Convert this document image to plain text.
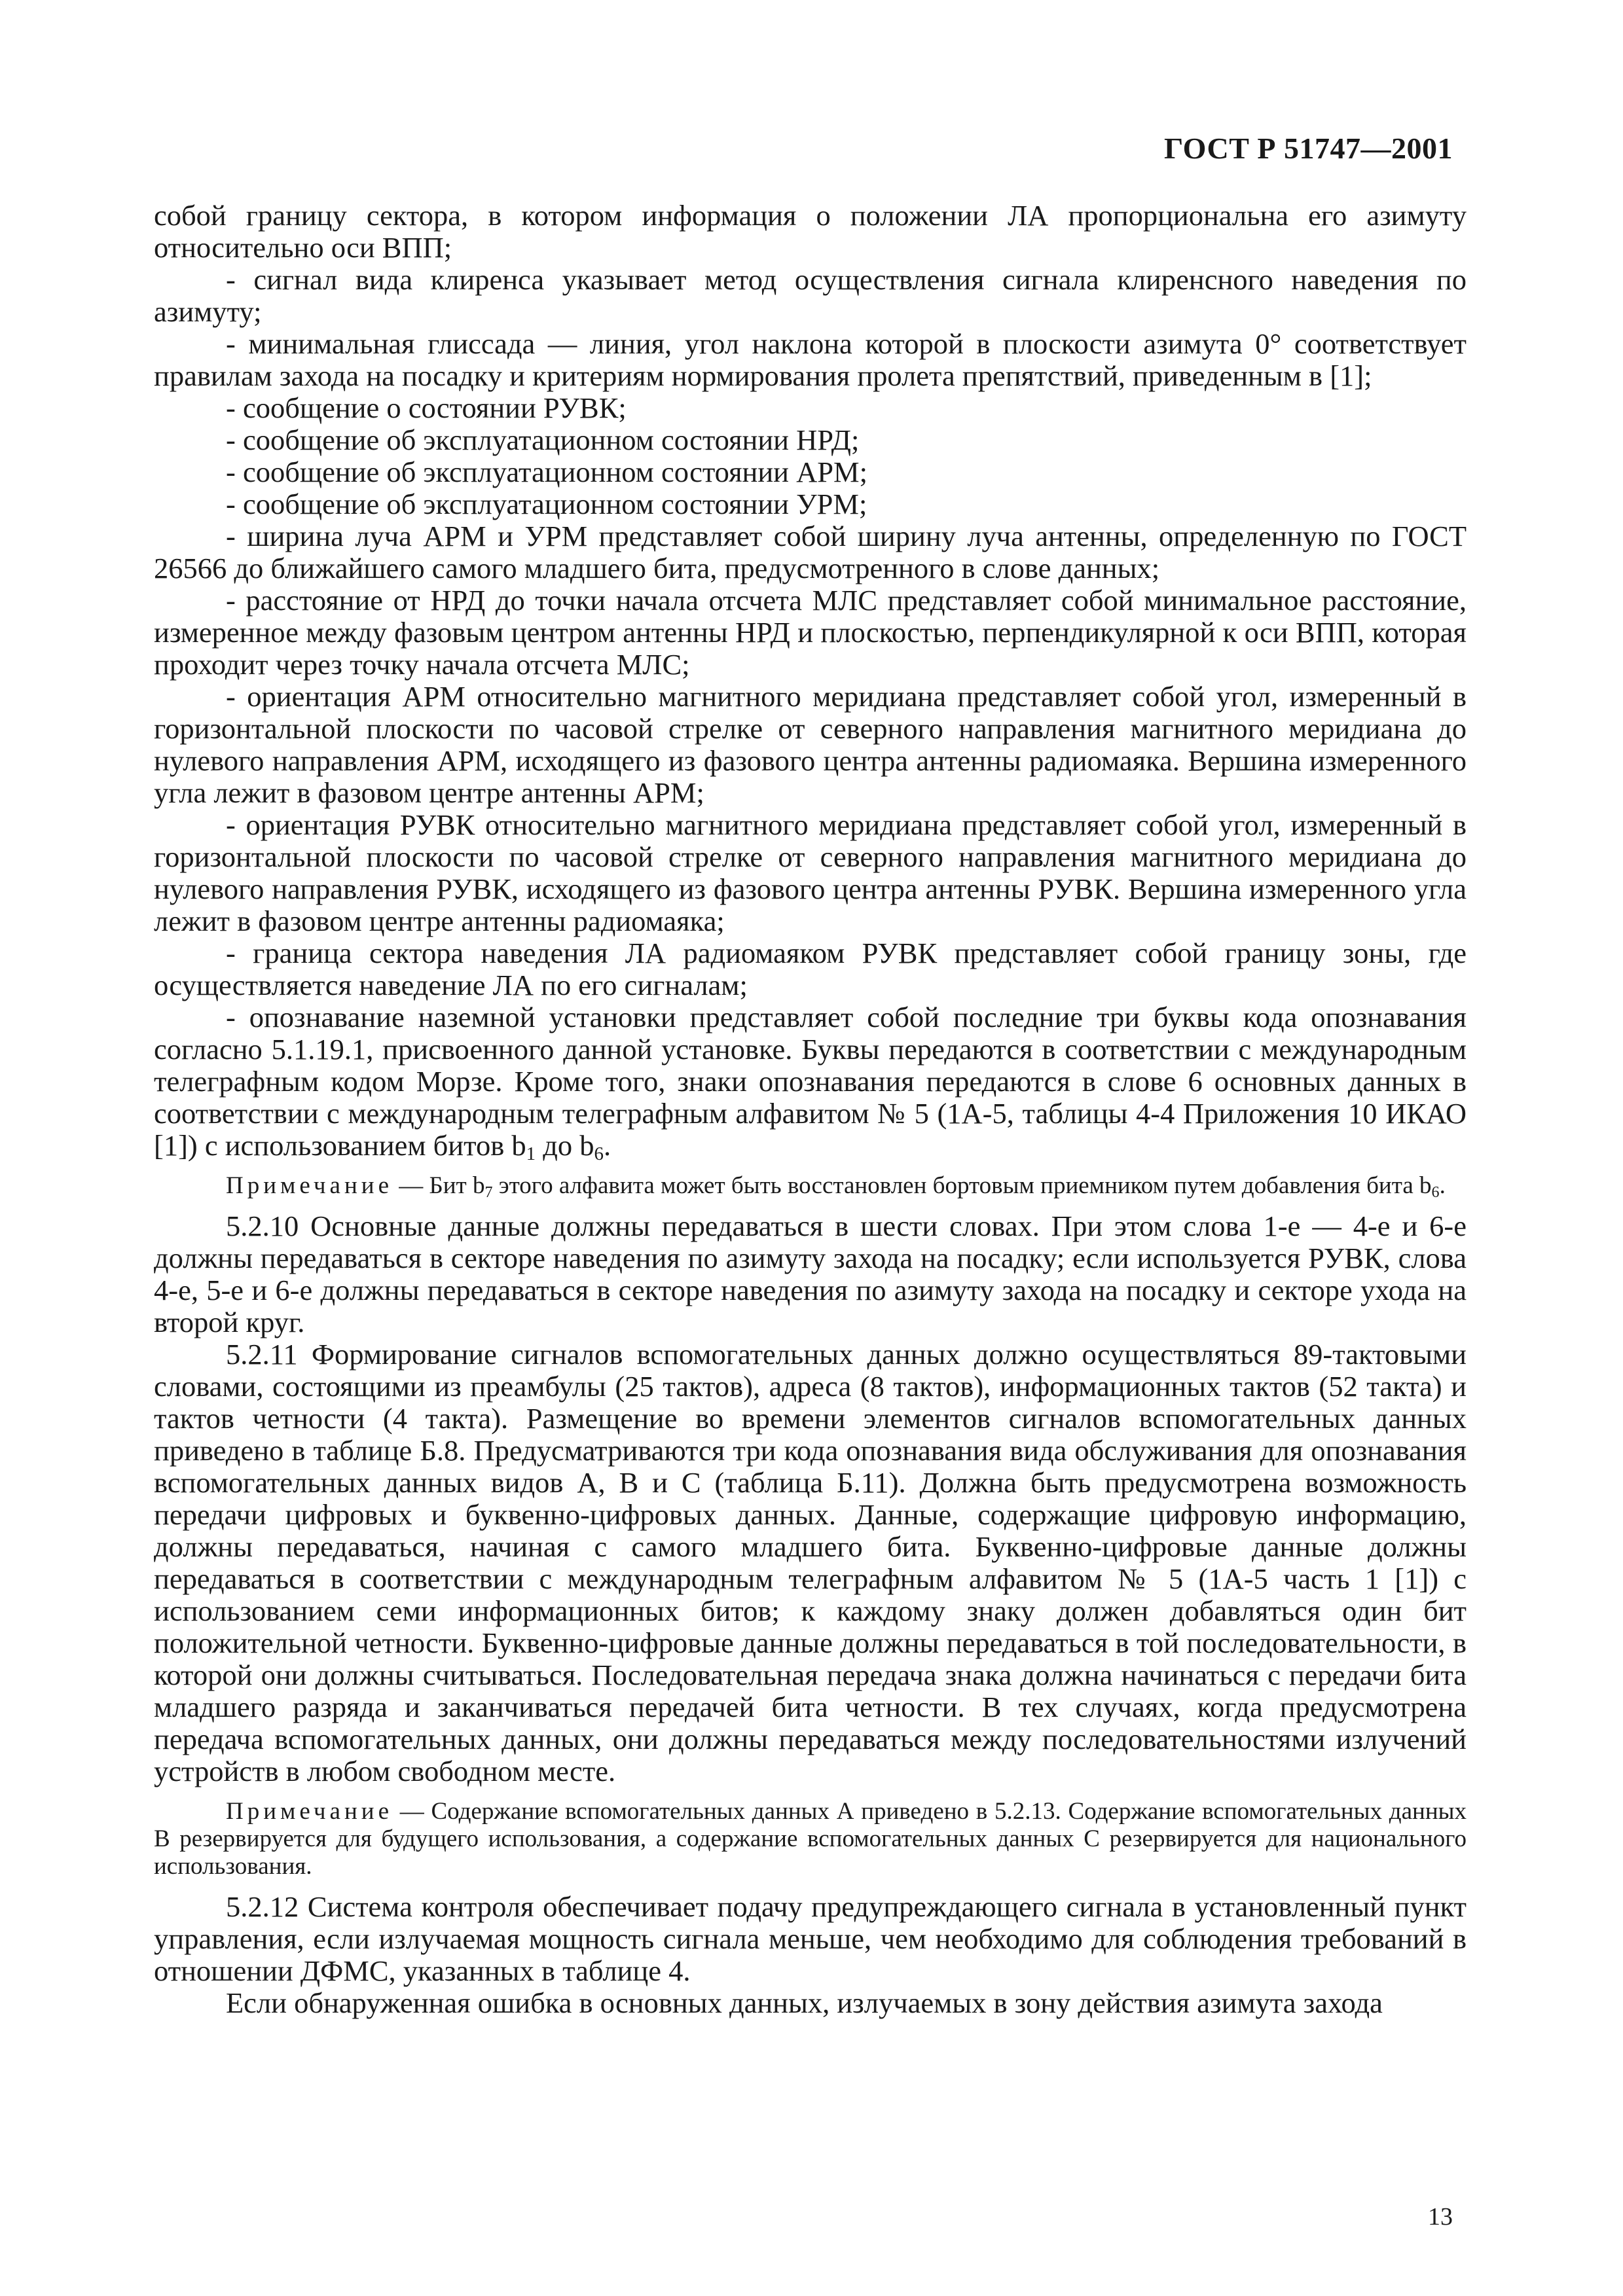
ГОСТ Р 51747—2001

собой границу сектора, в котором информация о положении ЛА пропорциональна его азимуту относительно оси ВПП;

- сигнал вида клиренса указывает метод осуществления сигнала клиренсного наведения по азимуту;

- минимальная глиссада — линия, угол наклона которой в плоскости азимута 0° соответствует правилам захода на посадку и критериям нормирования пролета препятствий, приведенным в [1];

- сообщение о состоянии РУВК;

- сообщение об эксплуатационном состоянии НРД;

- сообщение об эксплуатационном состоянии АРМ;

- сообщение об эксплуатационном состоянии УРМ;

- ширина луча АРМ и УРМ представляет собой ширину луча антенны, определенную по ГОСТ 26566 до ближайшего самого младшего бита, предусмотренного в слове данных;

- расстояние от НРД до точки начала отсчета МЛС представляет собой минимальное расстояние, измеренное между фазовым центром антенны НРД и плоскостью, перпендикулярной к оси ВПП, которая проходит через точку начала отсчета МЛС;

- ориентация АРМ относительно магнитного меридиана представляет собой угол, измеренный в горизонтальной плоскости по часовой стрелке от северного направления магнитного меридиана до нулевого направления АРМ, исходящего из фазового центра антенны радиомаяка. Вершина измеренного угла лежит в фазовом центре антенны АРМ;

- ориентация РУВК относительно магнитного меридиана представляет собой угол, измеренный в горизонтальной плоскости по часовой стрелке от северного направления магнитного меридиана до нулевого направления РУВК, исходящего из фазового центра антенны РУВК. Вершина измеренного угла лежит в фазовом центре антенны радиомаяка;

- граница сектора наведения ЛА радиомаяком РУВК представляет собой границу зоны, где осуществляется наведение ЛА по его сигналам;

- опознавание наземной установки представляет собой последние три буквы кода опознавания согласно 5.1.19.1, присвоенного данной установке. Буквы передаются в соответствии с международным телеграфным кодом Морзе. Кроме того, знаки опознавания передаются в слове 6 основных данных в соответствии с международным телеграфным алфавитом № 5 (1А-5, таблицы 4-4 Приложения 10 ИКАО [1]) с использованием битов $b_1$ до $b_6$.

Примечание — Бит $b_7$ этого алфавита может быть восстановлен бортовым приемником путем добавления бита $b_6$.

5.2.10 Основные данные должны передаваться в шести словах. При этом слова 1-е — 4-е и 6-е должны передаваться в секторе наведения по азимуту захода на посадку; если используется РУВК, слова 4-е, 5-е и 6-е должны передаваться в секторе наведения по азимуту захода на посадку и секторе ухода на второй круг.

5.2.11 Формирование сигналов вспомогательных данных должно осуществляться 89-тактовыми словами, состоящими из преамбулы (25 тактов), адреса (8 тактов), информационных тактов (52 такта) и тактов четности (4 такта). Размещение во времени элементов сигналов вспомогательных данных приведено в таблице Б.8. Предусматриваются три кода опознавания вида обслуживания для опознавания вспомогательных данных видов А, В и С (таблица Б.11). Должна быть предусмотрена возможность передачи цифровых и буквенно-цифровых данных. Данные, содержащие цифровую информацию, должны передаваться, начиная с самого младшего бита. Буквенно-цифровые данные должны передаваться в соответствии с международным телеграфным алфавитом № 5 (1А-5 часть 1 [1]) с использованием семи информационных битов; к каждому знаку должен добавляться один бит положительной четности. Буквенно-цифровые данные должны передаваться в той последовательности, в которой они должны считываться. Последовательная передача знака должна начинаться с передачи бита младшего разряда и заканчиваться передачей бита четности. В тех случаях, когда предусмотрена передача вспомогательных данных, они должны передаваться между последовательностями излучений устройств в любом свободном месте.

Примечание — Содержание вспомогательных данных А приведено в 5.2.13. Содержание вспомогательных данных В резервируется для будущего использования, а содержание вспомогательных данных С резервируется для национального использования.

5.2.12 Система контроля обеспечивает подачу предупреждающего сигнала в установленный пункт управления, если излучаемая мощность сигнала меньше, чем необходимо для соблюдения требований в отношении ДФМС, указанных в таблице 4.

Если обнаруженная ошибка в основных данных, излучаемых в зону действия азимута захода

13
